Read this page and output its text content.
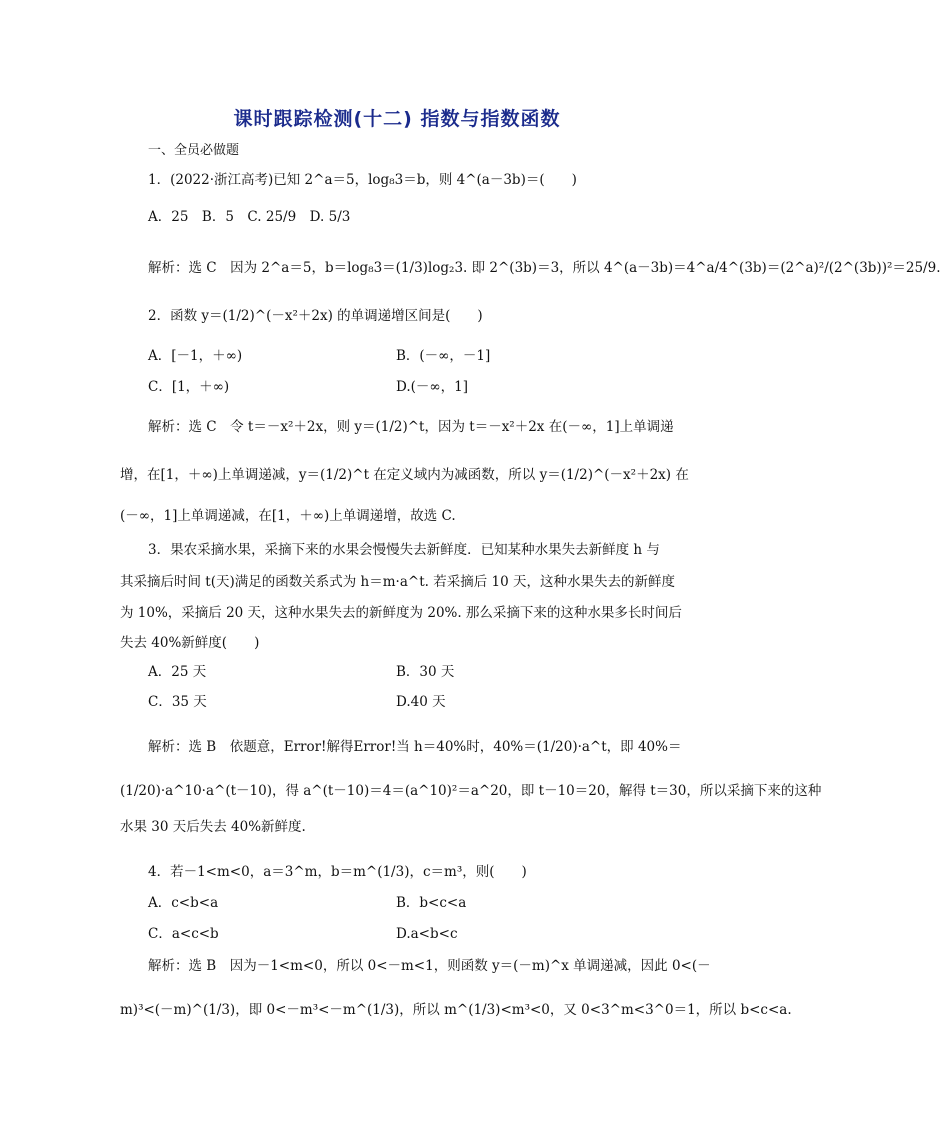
课时跟踪检测(十二) 指数与指数函数
一、全员必做题
1．(2022·浙江高考)已知 2^a＝5，log₈3＝b，则 4^(a－3b)＝(　　)
A．25　B．5　C. 25/9　D. 5/3
解析：选 C　因为 2^a＝5，b＝log₈3＝(1/3)log₂3. 即 2^(3b)＝3，所以 4^(a－3b)＝4^a/4^(3b)＝(2^a)²/(2^(3b))²＝25/9.
2．函数 y＝(1/2)^(－x²＋2x) 的单调递增区间是(　　)
A．[－1，＋∞)	B．(－∞，－1]
C．[1，＋∞)	D.(－∞，1]
解析：选 C　令 t＝－x²＋2x，则 y＝(1/2)^t，因为 t＝－x²＋2x 在(－∞，1]上单调递
增，在[1，＋∞)上单调递减，y＝(1/2)^t 在定义域内为减函数，所以 y＝(1/2)^(－x²＋2x) 在
(－∞，1]上单调递减，在[1，＋∞)上单调递增，故选 C.
3．果农采摘水果，采摘下来的水果会慢慢失去新鲜度．已知某种水果失去新鲜度 h 与
其采摘后时间 t(天)满足的函数关系式为 h＝m·a^t. 若采摘后 10 天，这种水果失去的新鲜度
为 10%，采摘后 20 天，这种水果失去的新鲜度为 20%. 那么采摘下来的这种水果多长时间后
失去 40%新鲜度(　　)
A．25 天	B．30 天
C．35 天	D.40 天
解析：选 B　依题意，Error!解得Error!当 h＝40%时，40%＝(1/20)·a^t，即 40%＝
(1/20)·a^10·a^(t－10)，得 a^(t－10)＝4＝(a^10)²＝a^20，即 t－10＝20，解得 t＝30，所以采摘下来的这种
水果 30 天后失去 40%新鲜度.
4．若－1<m<0，a＝3^m，b＝m^(1/3)，c＝m³，则(　　)
A．c<b<a	B．b<c<a
C．a<c<b	D.a<b<c
解析：选 B　因为－1<m<0，所以 0<－m<1，则函数 y＝(－m)^x 单调递减，因此 0<(－
m)³<(－m)^(1/3)，即 0<－m³<－m^(1/3)，所以 m^(1/3)<m³<0，又 0<3^m<3^0＝1，所以 b<c<a.
